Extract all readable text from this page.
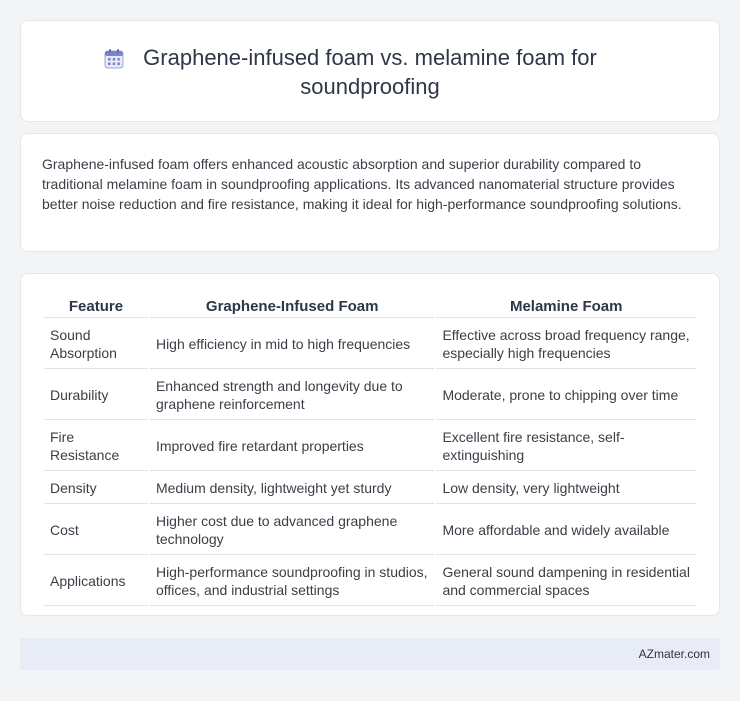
Graphene-infused foam vs. melamine foam for soundproofing

Graphene-infused foam offers enhanced acoustic absorption and superior durability compared to traditional melamine foam in soundproofing applications. Its advanced nanomaterial structure provides better noise reduction and fire resistance, making it ideal for high-performance soundproofing solutions.

Feature	Graphene-Infused Foam	Melamine Foam
Sound Absorption	High efficiency in mid to high frequencies	Effective across broad frequency range, especially high frequencies
Durability	Enhanced strength and longevity due to graphene reinforcement	Moderate, prone to chipping over time
Fire Resistance	Improved fire retardant properties	Excellent fire resistance, self-extinguishing
Density	Medium density, lightweight yet sturdy	Low density, very lightweight
Cost	Higher cost due to advanced graphene technology	More affordable and widely available
Applications	High-performance soundproofing in studios, offices, and industrial settings	General sound dampening in residential and commercial spaces
AZmater.com
